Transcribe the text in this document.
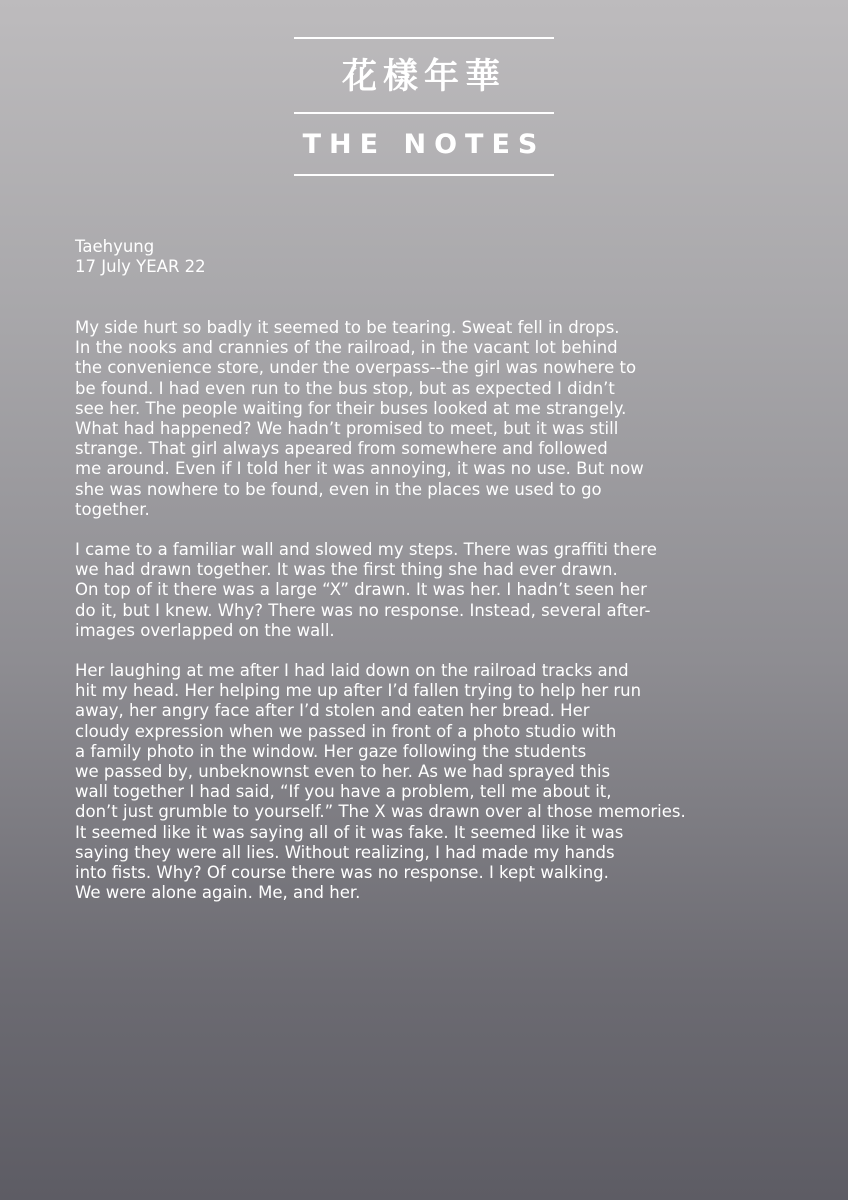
花樣年華
THE NOTES
Taehyung
17 July YEAR 22

My side hurt so badly it seemed to be tearing. Sweat fell in drops.
In the nooks and crannies of the railroad, in the vacant lot behind
the convenience store, under the overpass--the girl was nowhere to
be found. I had even run to the bus stop, but as expected I didn’t
see her. The people waiting for their buses looked at me strangely.
What had happened? We hadn’t promised to meet, but it was still
strange. That girl always apeared from somewhere and followed
me around. Even if I told her it was annoying, it was no use. But now
she was nowhere to be found, even in the places we used to go
together.

I came to a familiar wall and slowed my steps. There was graffiti there
we had drawn together. It was the first thing she had ever drawn.
On top of it there was a large “X” drawn. It was her. I hadn’t seen her
do it, but I knew. Why? There was no response. Instead, several after-
images overlapped on the wall.

Her laughing at me after I had laid down on the railroad tracks and
hit my head. Her helping me up after I’d fallen trying to help her run
away, her angry face after I’d stolen and eaten her bread. Her
cloudy expression when we passed in front of a photo studio with
a family photo in the window. Her gaze following the students
we passed by, unbeknownst even to her. As we had sprayed this
wall together I had said, “If you have a problem, tell me about it,
don’t just grumble to yourself.” The X was drawn over al those memories.
It seemed like it was saying all of it was fake. It seemed like it was
saying they were all lies. Without realizing, I had made my hands
into fists. Why? Of course there was no response. I kept walking.
We were alone again. Me, and her.
